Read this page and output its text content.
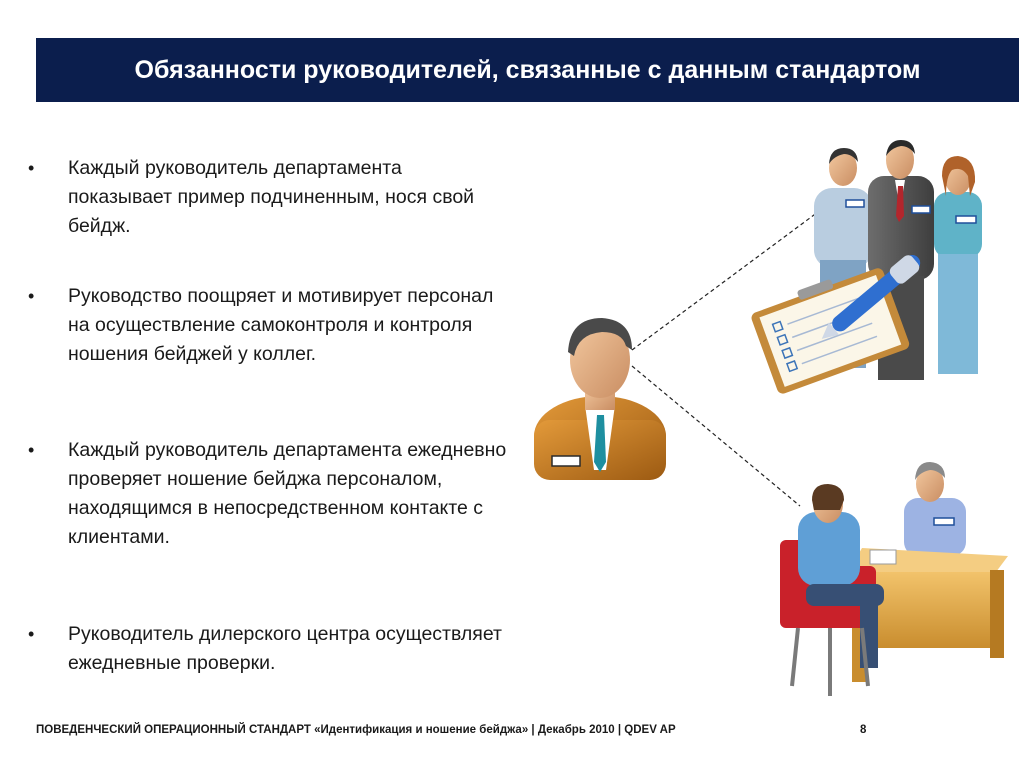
Обязанности руководителей, связанные с данным стандартом
• Каждый руководитель департамента показывает пример подчиненным, нося свой бейдж.
• Руководство поощряет и мотивирует персонал на осуществление самоконтроля и контроля ношения бейджей у коллег.
• Каждый руководитель департамента ежедневно проверяет ношение бейджа персоналом, находящимся в непосредственном контакте с клиентами.
• Руководитель дилерского центра осуществляет ежедневные проверки.
ПОВЕДЕНЧЕСКИЙ ОПЕРАЦИОННЫЙ СТАНДАРТ «Идентификация и ношение бейджа» | Декабрь 2010 | QDEV AP	8
